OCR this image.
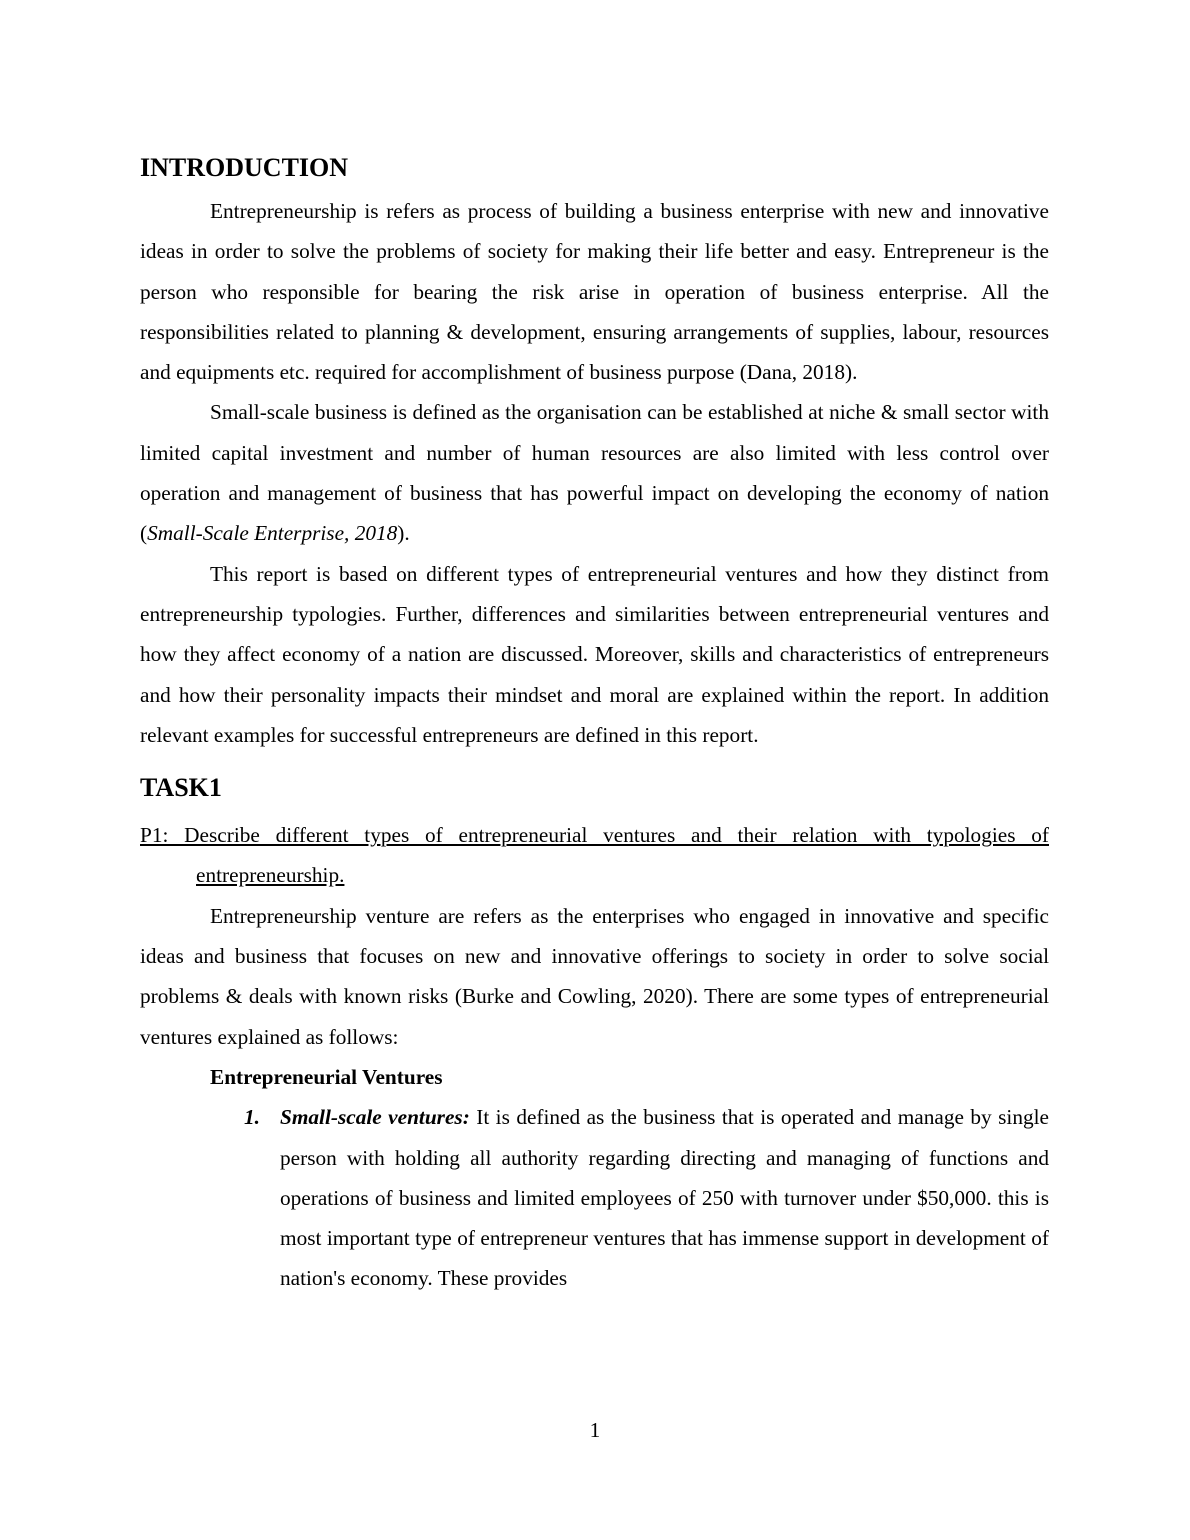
INTRODUCTION

Entrepreneurship is refers as process of building a business enterprise with new and innovative ideas in order to solve the problems of society for making their life better and easy. Entrepreneur is the person who responsible for bearing the risk arise in operation of business enterprise. All the responsibilities related to planning & development, ensuring arrangements of supplies, labour, resources and equipments etc. required for accomplishment of business purpose (Dana, 2018).

Small-scale business is defined as the organisation can be established at niche & small sector with limited capital investment and number of human resources are also limited with less control over operation and management of business that has powerful impact on developing the economy of nation (Small-Scale Enterprise, 2018).

This report is based on different types of entrepreneurial ventures and how they distinct from entrepreneurship typologies. Further, differences and similarities between entrepreneurial ventures and how they affect economy of a nation are discussed. Moreover, skills and characteristics of entrepreneurs and how their personality impacts their mindset and moral are explained within the report. In addition relevant examples for successful entrepreneurs are defined in this report.

TASK1

P1: Describe different types of entrepreneurial ventures and their relation with typologies of entrepreneurship.

Entrepreneurship venture are refers as the enterprises who engaged in innovative and specific ideas and business that focuses on new and innovative offerings to society in order to solve social problems & deals with known risks (Burke and Cowling, 2020). There are some types of entrepreneurial ventures explained as follows:

Entrepreneurial Ventures

1. Small-scale ventures: It is defined as the business that is operated and manage by single person with holding all authority regarding directing and managing of functions and operations of business and limited employees of 250 with turnover under $50,000. this is most important type of entrepreneur ventures that has immense support in development of nation's economy. These provides
1
